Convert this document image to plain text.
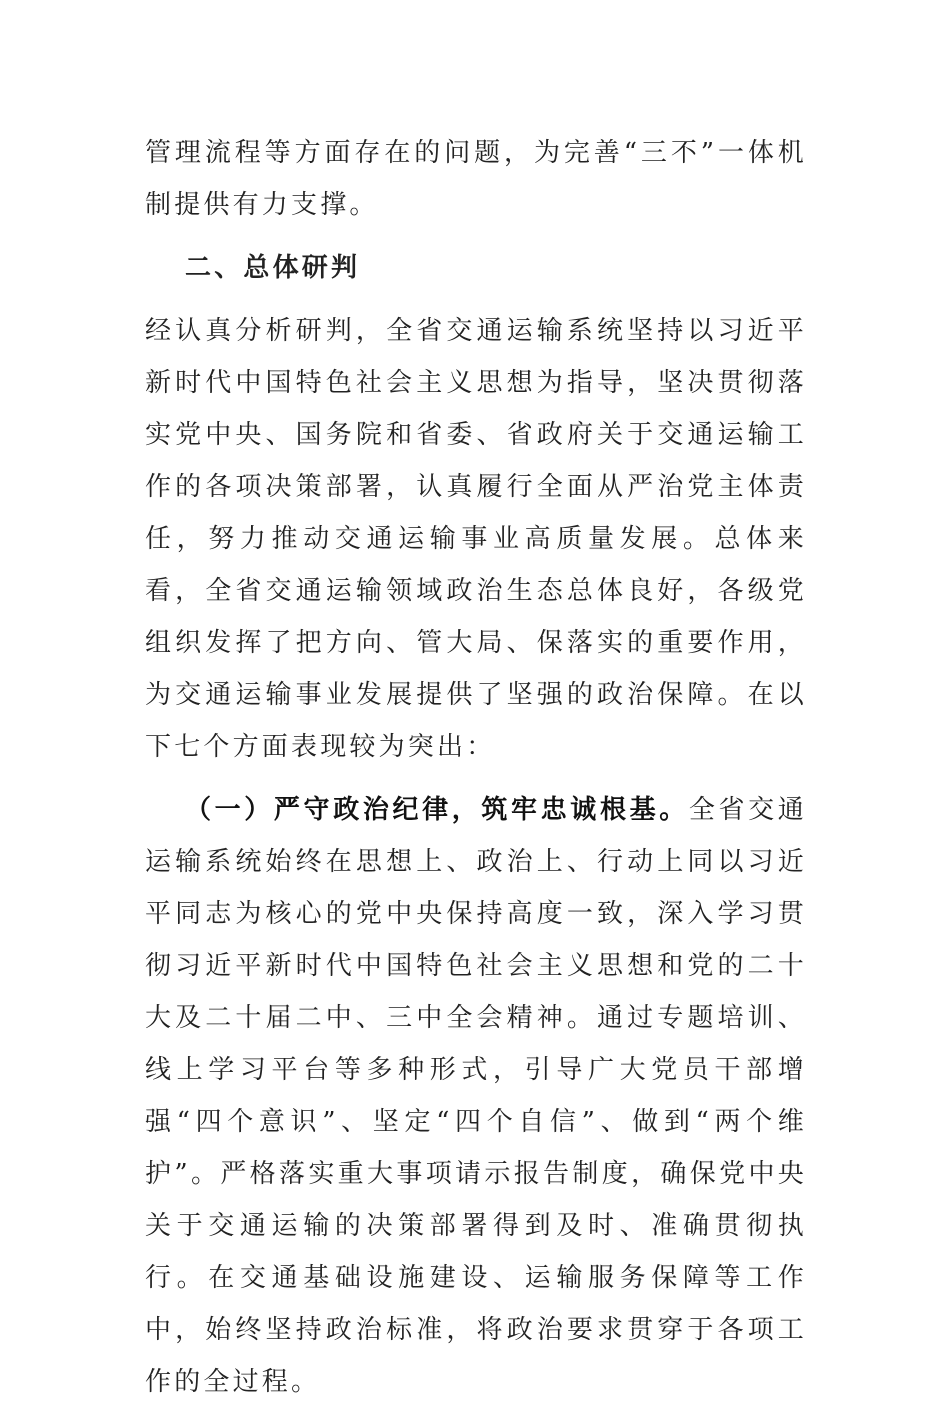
管理流程等方面存在的问题，为完善“三不”一体机制提供有力支撑。

二、总体研判

经认真分析研判，全省交通运输系统坚持以习近平新时代中国特色社会主义思想为指导，坚决贯彻落实党中央、国务院和省委、省政府关于交通运输工作的各项决策部署，认真履行全面从严治党主体责任，努力推动交通运输事业高质量发展。总体来看，全省交通运输领域政治生态总体良好，各级党组织发挥了把方向、管大局、保落实的重要作用，为交通运输事业发展提供了坚强的政治保障。在以下七个方面表现较为突出：

（一）严守政治纪律，筑牢忠诚根基。全省交通运输系统始终在思想上、政治上、行动上同以习近平同志为核心的党中央保持高度一致，深入学习贯彻习近平新时代中国特色社会主义思想和党的二十大及二十届二中、三中全会精神。通过专题培训、线上学习平台等多种形式，引导广大党员干部增强“四个意识”、坚定“四个自信”、做到“两个维护”。严格落实重大事项请示报告制度，确保党中央关于交通运输的决策部署得到及时、准确贯彻执行。在交通基础设施建设、运输服务保障等工作中，始终坚持政治标准，将政治要求贯穿于各项工作的全过程。
